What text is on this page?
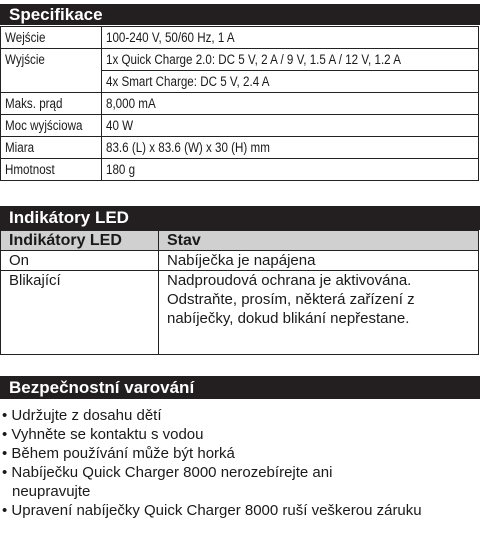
Specifikace
Wejście	100-240 V, 50/60 Hz, 1 A
Wyjście	1x Quick Charge 2.0: DC 5 V, 2 A / 9 V, 1.5 A / 12 V, 1.2 A
	4x Smart Charge: DC 5 V, 2.4 A
Maks. prąd	8,000 mA
Moc wyjściowa	40 W
Miara	83.6 (L) x 83.6 (W) x 30 (H) mm
Hmotnost	180 g
Indikátory LED
Indikátory LED	Stav
On	Nabíječka je napájena
Blikající	Nadproudová ochrana je aktivována. Odstraňte, prosím, některá zařízení z nabíječky, dokud blikání nepřestane.
Bezpečnostní varování
• Udržujte z dosahu dětí
• Vyhněte se kontaktu s vodou
• Během používání může být horká
• Nabíječku Quick Charger 8000 nerozebírejte ani neupravujte
• Upravení nabíječky Quick Charger 8000 ruší veškerou záruku
